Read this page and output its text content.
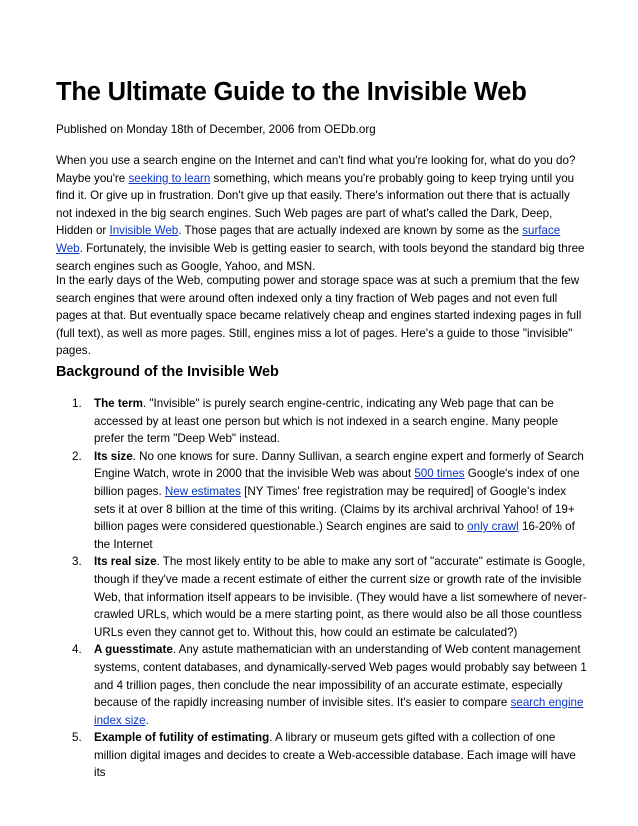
The Ultimate Guide to the Invisible Web

Published on Monday 18th of December, 2006 from OEDb.org

When you use a search engine on the Internet and can't find what you're looking for, what do you do? Maybe you're seeking to learn something, which means you're probably going to keep trying until you find it. Or give up in frustration. Don't give up that easily. There's information out there that is actually not indexed in the big search engines. Such Web pages are part of what's called the Dark, Deep, Hidden or Invisible Web. Those pages that are actually indexed are known by some as the surface Web. Fortunately, the invisible Web is getting easier to search, with tools beyond the standard big three search engines such as Google, Yahoo, and MSN.

In the early days of the Web, computing power and storage space was at such a premium that the few search engines that were around often indexed only a tiny fraction of Web pages and not even full pages at that. But eventually space became relatively cheap and engines started indexing pages in full (full text), as well as more pages. Still, engines miss a lot of pages. Here's a guide to those "invisible" pages.

Background of the Invisible Web
1. The term. "Invisible" is purely search engine-centric, indicating any Web page that can be accessed by at least one person but which is not indexed in a search engine. Many people prefer the term "Deep Web" instead.
2. Its size. No one knows for sure. Danny Sullivan, a search engine expert and formerly of Search Engine Watch, wrote in 2000 that the invisible Web was about 500 times Google's index of one billion pages. New estimates [NY Times' free registration may be required] of Google's index sets it at over 8 billion at the time of this writing. (Claims by its archival archrival Yahoo! of 19+ billion pages were considered questionable.) Search engines are said to only crawl 16-20% of the Internet
3. Its real size. The most likely entity to be able to make any sort of "accurate" estimate is Google, though if they've made a recent estimate of either the current size or growth rate of the invisible Web, that information itself appears to be invisible. (They would have a list somewhere of never-crawled URLs, which would be a mere starting point, as there would also be all those countless URLs even they cannot get to. Without this, how could an estimate be calculated?)
4. A guesstimate. Any astute mathematician with an understanding of Web content management systems, content databases, and dynamically-served Web pages would probably say between 1 and 4 trillion pages, then conclude the near impossibility of an accurate estimate, especially because of the rapidly increasing number of invisible sites. It's easier to compare search engine index size.
5. Example of futility of estimating. A library or museum gets gifted with a collection of one million digital images and decides to create a Web-accessible database. Each image will have its
